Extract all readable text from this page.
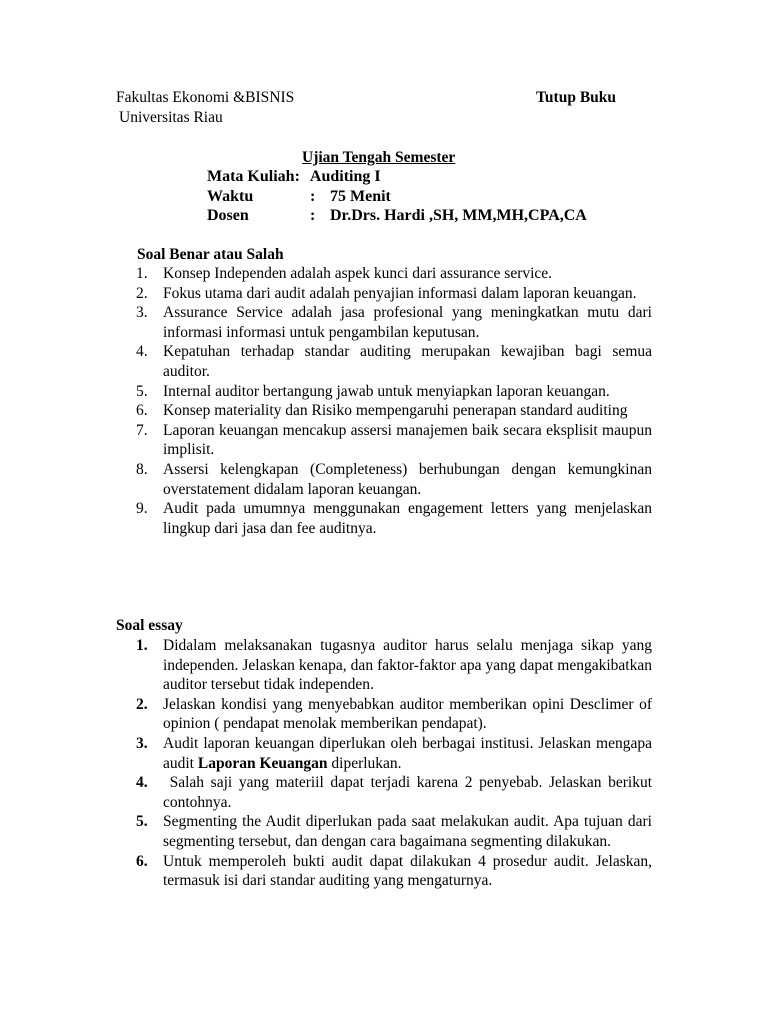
Fakultas Ekonomi &BISNIS
Universitas Riau
Tutup Buku
Ujian Tengah Semester
Mata Kuliah: Auditing I
Waktu	: 75 Menit
Dosen	: Dr.Drs. Hardi ,SH, MM,MH,CPA,CA
Soal Benar atau Salah
1. Konsep Independen adalah aspek kunci dari assurance service.
2. Fokus utama dari audit adalah penyajian informasi dalam laporan keuangan.
3. Assurance Service adalah jasa profesional yang meningkatkan mutu dari informasi informasi untuk pengambilan keputusan.
4. Kepatuhan terhadap standar auditing merupakan kewajiban bagi semua auditor.
5. Internal auditor bertangung jawab untuk menyiapkan laporan keuangan.
6. Konsep materiality dan Risiko mempengaruhi penerapan standard auditing
7. Laporan keuangan mencakup assersi manajemen baik secara eksplisit maupun implisit.
8. Assersi kelengkapan (Completeness) berhubungan dengan kemungkinan overstatement didalam laporan keuangan.
9. Audit pada umumnya menggunakan engagement letters yang menjelaskan lingkup dari jasa dan fee auditnya.
Soal essay
1. Didalam melaksanakan tugasnya auditor harus selalu menjaga sikap yang independen. Jelaskan kenapa, dan faktor-faktor apa yang dapat mengakibatkan auditor tersebut tidak independen.
2. Jelaskan kondisi yang menyebabkan auditor memberikan opini Desclimer of opinion ( pendapat menolak memberikan pendapat).
3. Audit laporan keuangan diperlukan oleh berbagai institusi. Jelaskan mengapa audit Laporan Keuangan diperlukan.
4. Salah saji yang materiil dapat terjadi karena 2 penyebab. Jelaskan berikut contohnya.
5. Segmenting the Audit diperlukan pada saat melakukan audit. Apa tujuan dari segmenting tersebut, dan dengan cara bagaimana segmenting dilakukan.
6. Untuk memperoleh bukti audit dapat dilakukan 4 prosedur audit. Jelaskan, termasuk isi dari standar auditing yang mengaturnya.
